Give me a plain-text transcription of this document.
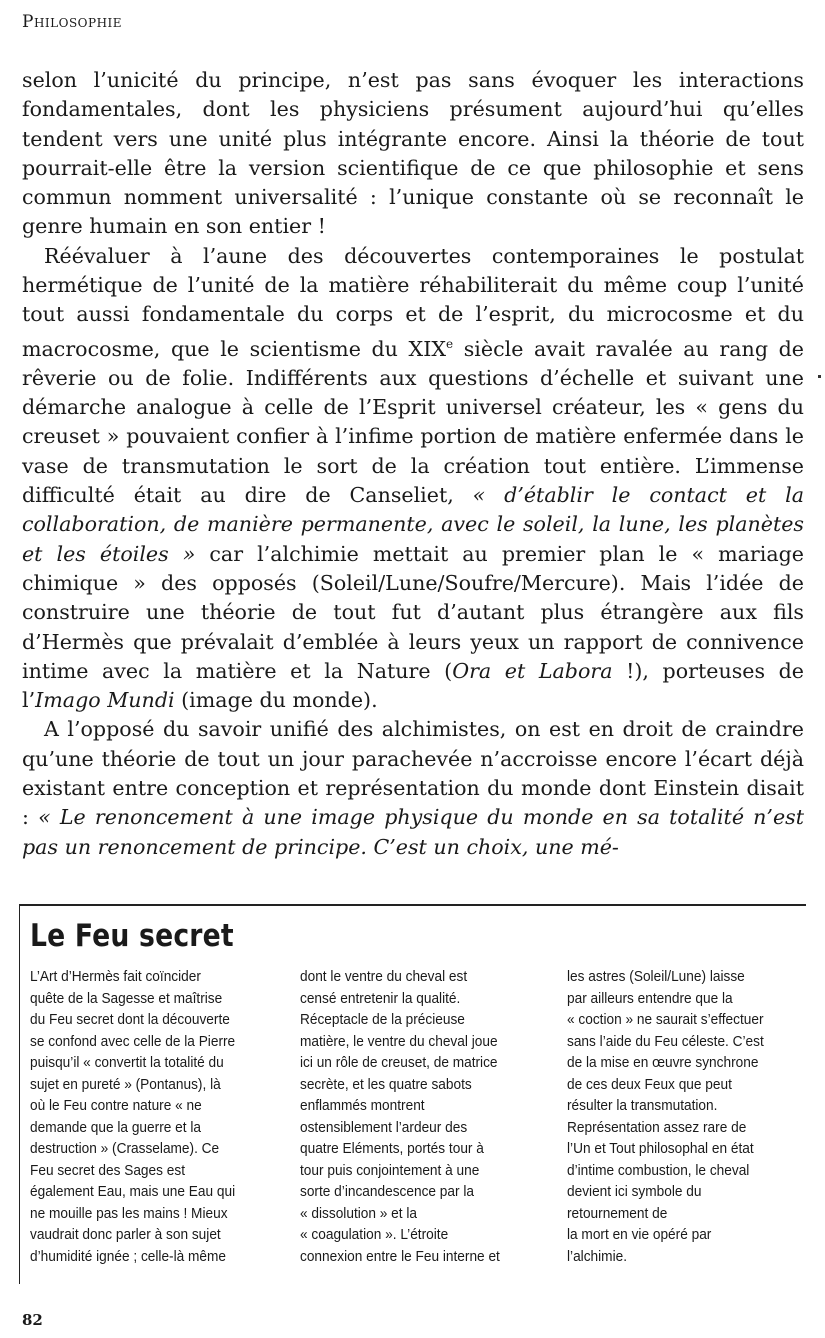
Philosophie

selon l’unicité du principe, n’est pas sans évoquer les interactions fondamentales, dont les physiciens présument aujourd’hui qu’elles tendent vers une unité plus intégrante encore. Ainsi la théorie de tout pourrait-elle être la version scientifique de ce que philosophie et sens commun nomment universalité : l’unique constante où se reconnaît le genre humain en son entier !

Réévaluer à l’aune des découvertes contemporaines le postulat hermétique de l’unité de la matière réhabiliterait du même coup l’unité tout aussi fondamentale du corps et de l’esprit, du microcosme et du macrocosme, que le scientisme du XIXe siècle avait ravalée au rang de rêverie ou de folie. Indifférents aux questions d’échelle et suivant une démarche analogue à celle de l’Esprit universel créateur, les « gens du creuset » pouvaient confier à l’infime portion de matière enfermée dans le vase de transmutation le sort de la création tout entière. L’immense difficulté était au dire de Canseliet, « d’établir le contact et la collaboration, de manière permanente, avec le soleil, la lune, les planètes et les étoiles » car l’alchimie mettait au premier plan le « mariage chimique » des opposés (Soleil/Lune/Soufre/Mercure). Mais l’idée de construire une théorie de tout fut d’autant plus étrangère aux fils d’Hermès que prévalait d’emblée à leurs yeux un rapport de connivence intime avec la matière et la Nature (Ora et Labora !), porteuses de l’Imago Mundi (image du monde).

A l’opposé du savoir unifié des alchimistes, on est en droit de craindre qu’une théorie de tout un jour parachevée n’accroisse encore l’écart déjà existant entre conception et représentation du monde dont Einstein disait : « Le renoncement à une image physique du monde en sa totalité n’est pas un renoncement de principe. C’est un choix, une mé-

Le Feu secret
L’Art d’Hermès fait coïncider
quête de la Sagesse et maîtrise
du Feu secret dont la découverte
se confond avec celle de la Pierre
puisqu’il « convertit la totalité du
sujet en pureté » (Pontanus), là
où le Feu contre nature « ne
demande que la guerre et la
destruction » (Crasselame). Ce
Feu secret des Sages est
également Eau, mais une Eau qui
ne mouille pas les mains ! Mieux
vaudrait donc parler à son sujet
d’humidité ignée ; celle-là même
dont le ventre du cheval est
censé entretenir la qualité.
Réceptacle de la précieuse
matière, le ventre du cheval joue
ici un rôle de creuset, de matrice
secrète, et les quatre sabots
enflammés montrent
ostensiblement l’ardeur des
quatre Eléments, portés tour à
tour puis conjointement à une
sorte d’incandescence par la
« dissolution » et la
« coagulation ». L’étroite
connexion entre le Feu interne et
les astres (Soleil/Lune) laisse
par ailleurs entendre que la
« coction » ne saurait s’effectuer
sans l’aide du Feu céleste. C’est
de la mise en œuvre synchrone
de ces deux Feux que peut
résulter la transmutation.
Représentation assez rare de
l’Un et Tout philosophal en état
d’intime combustion, le cheval
devient ici symbole du
retournement de
la mort en vie opéré par
l’alchimie.
82
